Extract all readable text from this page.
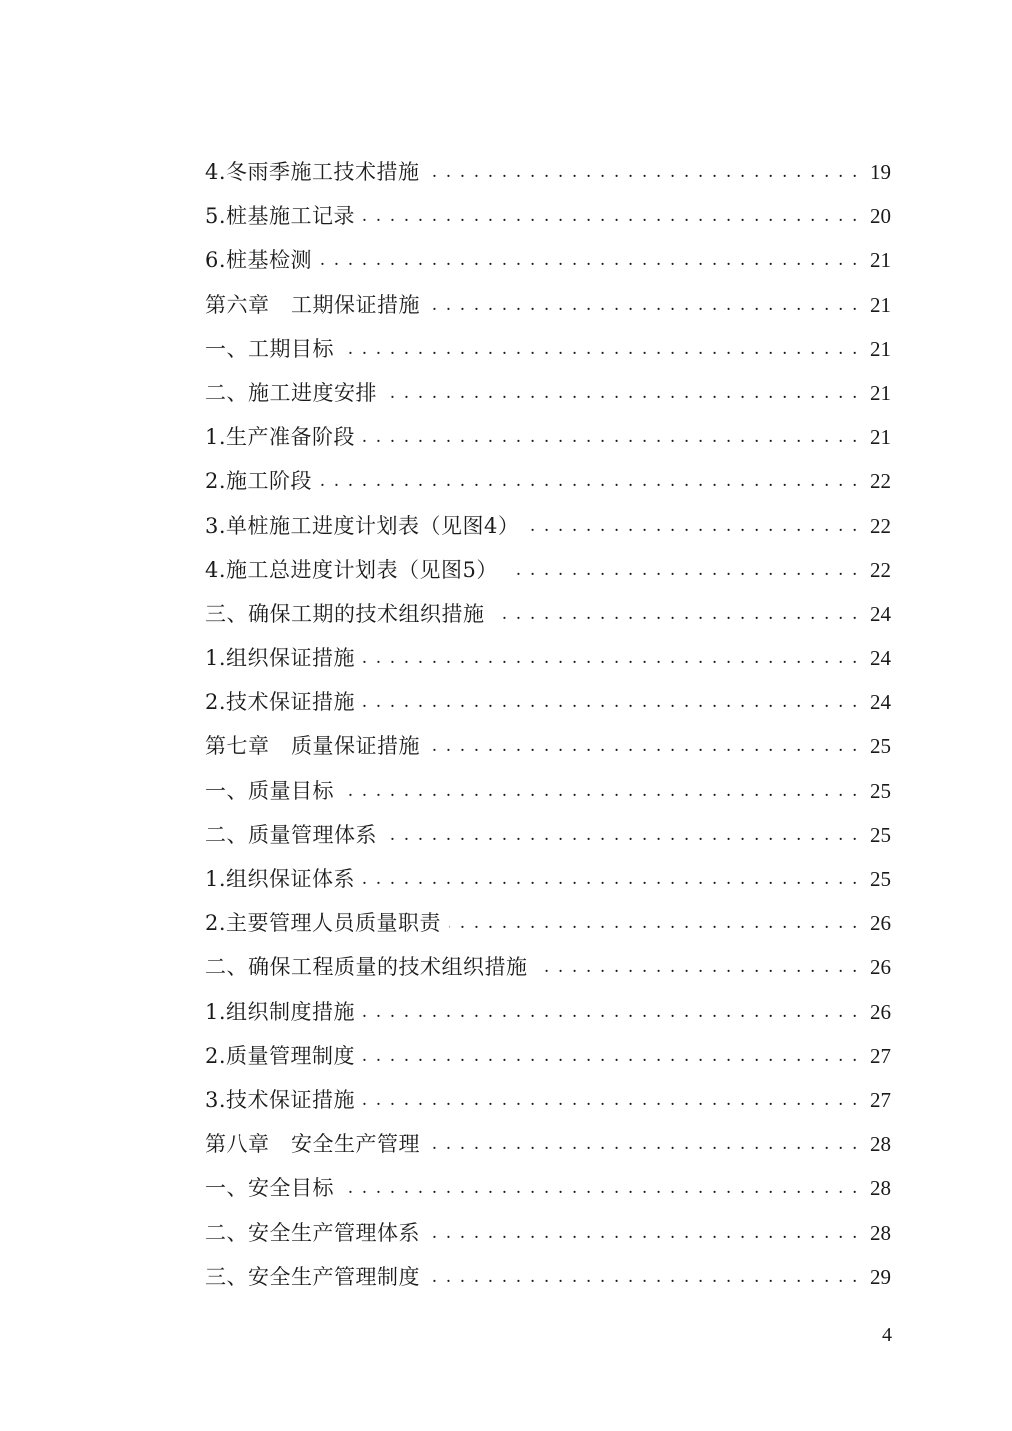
4.冬雨季施工技术措施 . . .	19
5.桩基施工记录 . . .	20
6.桩基检测 . . .	21
第六章　工期保证措施 . . .	21
一、工期目标 . . .	21
二、施工进度安排 . . .	21
1.生产准备阶段 . . .	21
2.施工阶段 . . .	22
3.单桩施工进度计划表（见图4） . . .	22
4.施工总进度计划表（见图5） . . .	22
三、确保工期的技术组织措施 . . .	24
1.组织保证措施 . . .	24
2.技术保证措施 . . .	24
第七章　质量保证措施 . . .	25
一、质量目标 . . .	25
二、质量管理体系 . . .	25
1.组织保证体系 . . .	25
2.主要管理人员质量职责 . . .	26
二、确保工程质量的技术组织措施 . . .	26
1.组织制度措施 . . .	26
2.质量管理制度 . . .	27
3.技术保证措施 . . .	27
第八章　安全生产管理 . . .	28
一、安全目标 . . .	28
二、安全生产管理体系 . . .	28
三、安全生产管理制度 . . .	29
4
